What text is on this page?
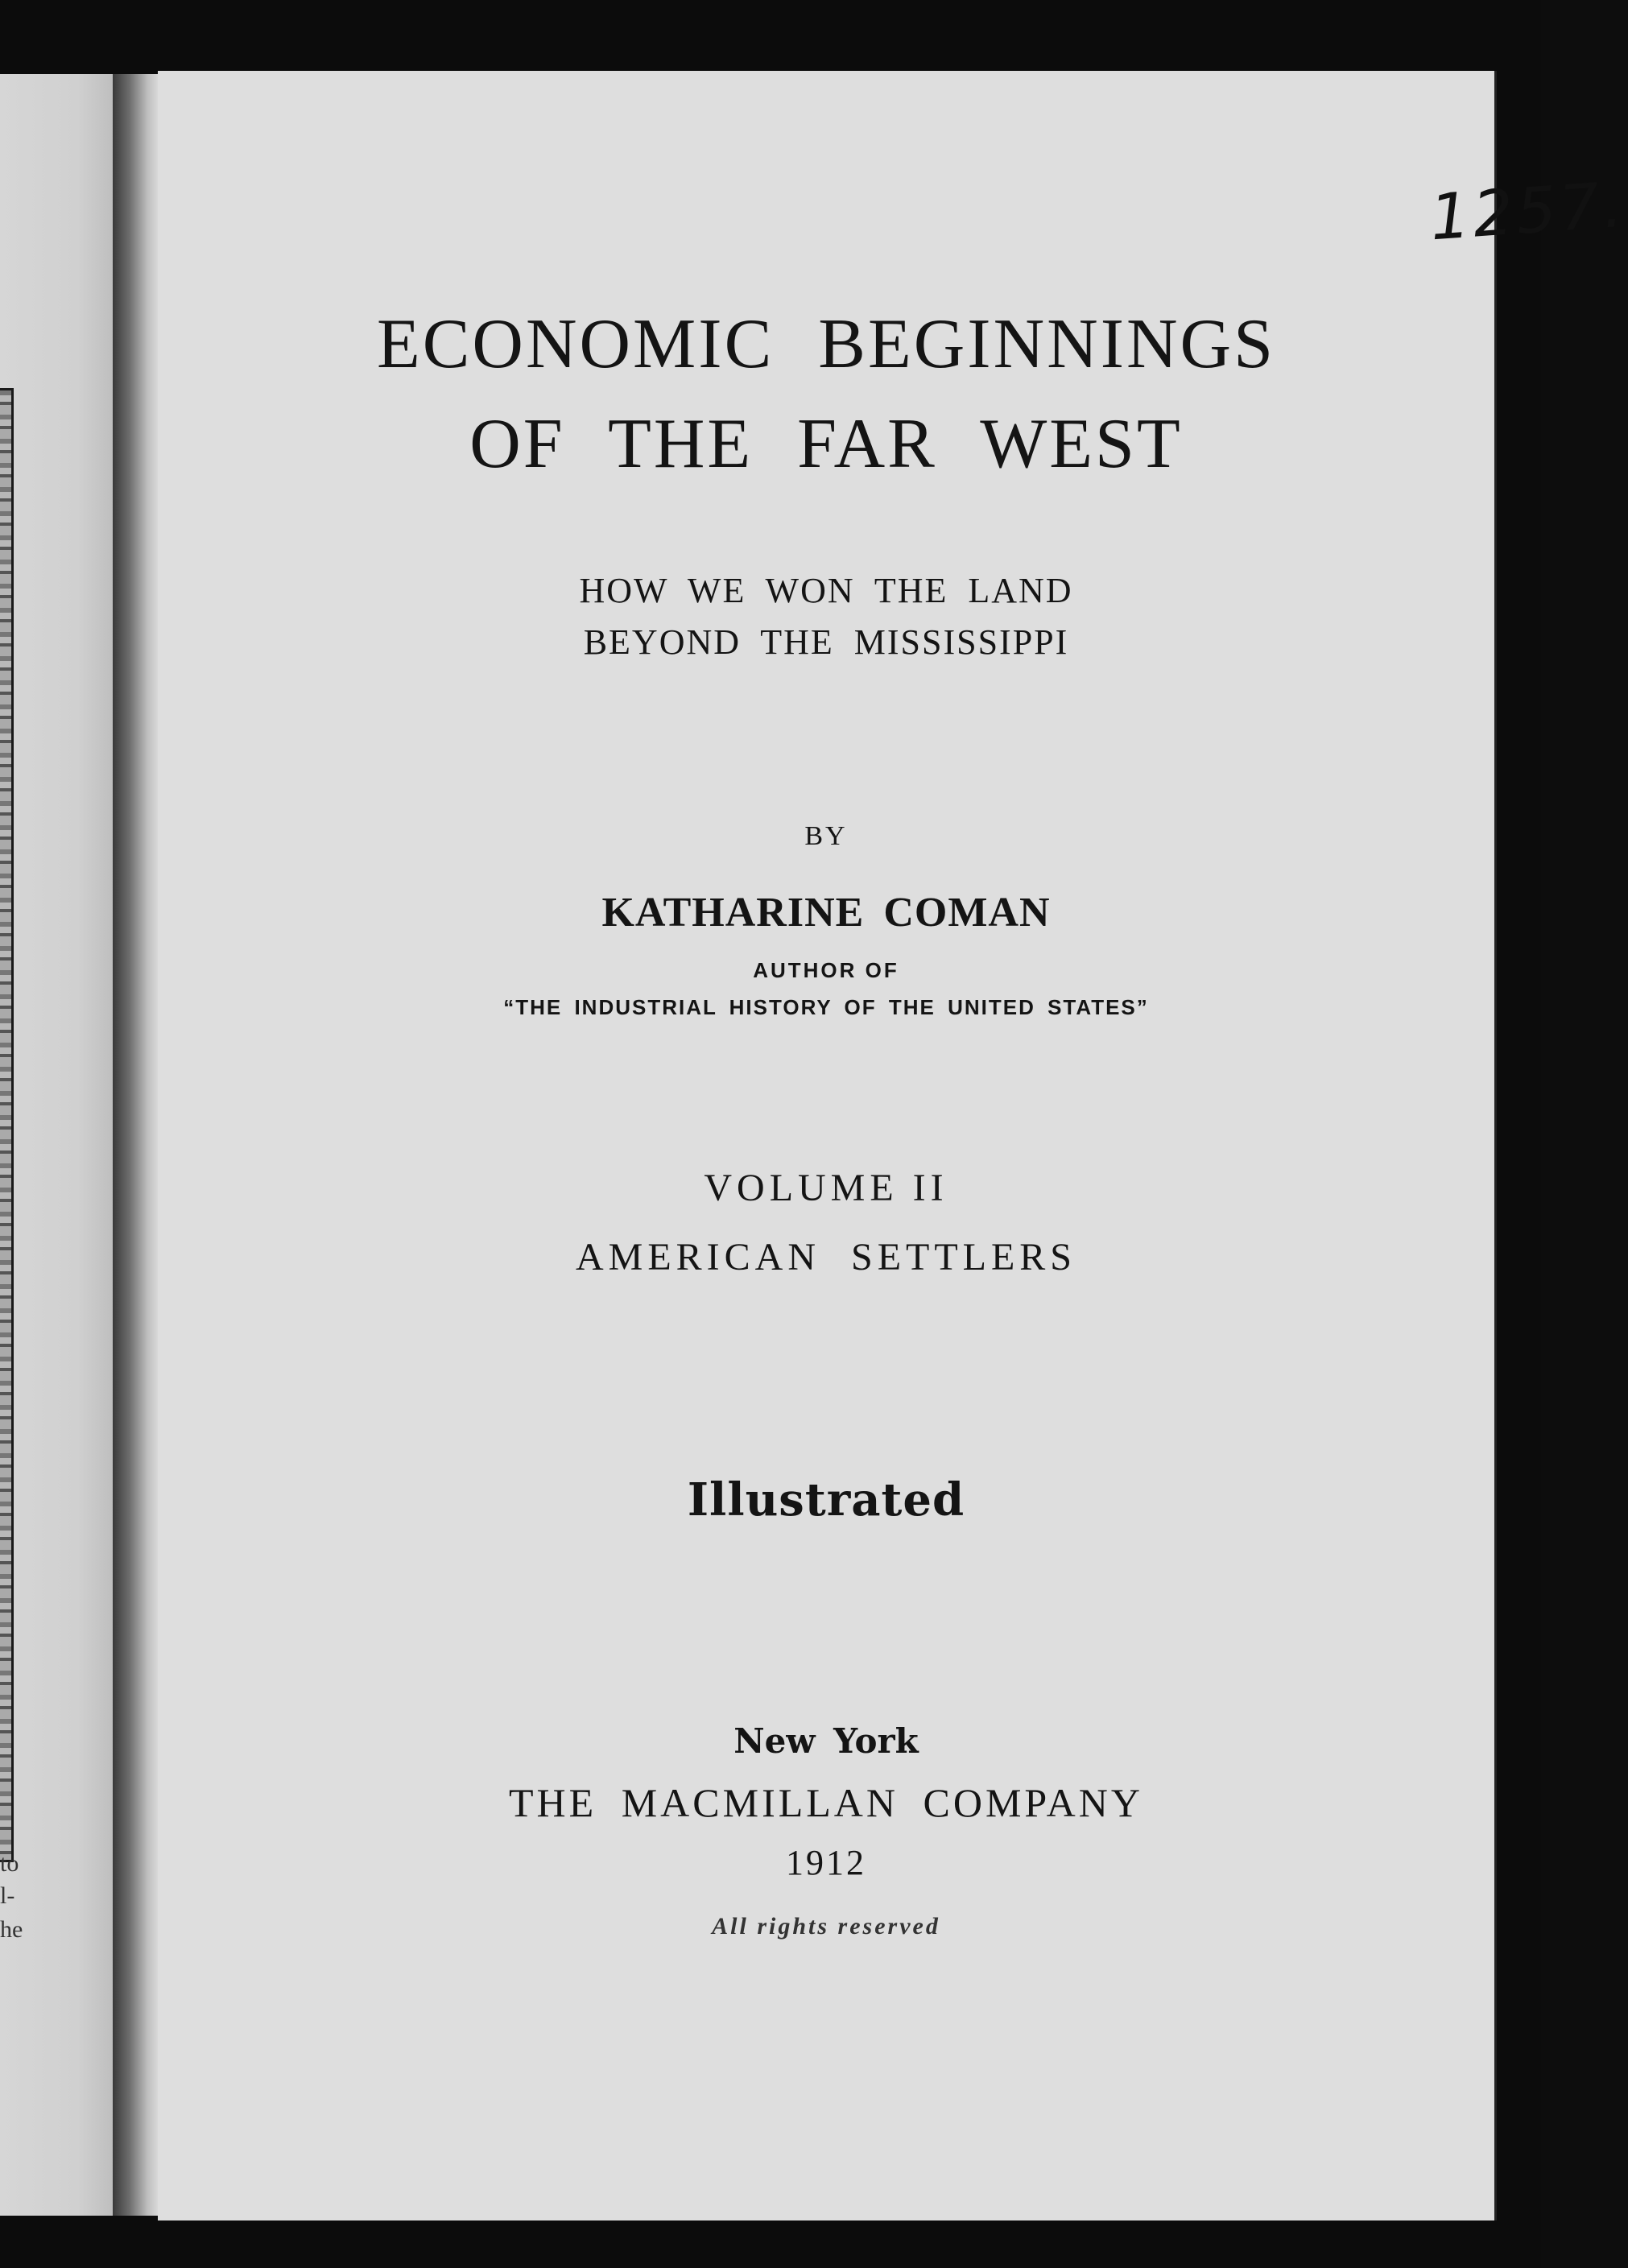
to
l-
he
1257.
ECONOMIC BEGINNINGS
OF THE FAR WEST
HOW WE WON THE LAND
BEYOND THE MISSISSIPPI
BY
KATHARINE COMAN
AUTHOR OF
“THE INDUSTRIAL HISTORY OF THE UNITED STATES”
VOLUME II
AMERICAN SETTLERS
Illustrated
New York
THE MACMILLAN COMPANY
1912
All rights reserved
